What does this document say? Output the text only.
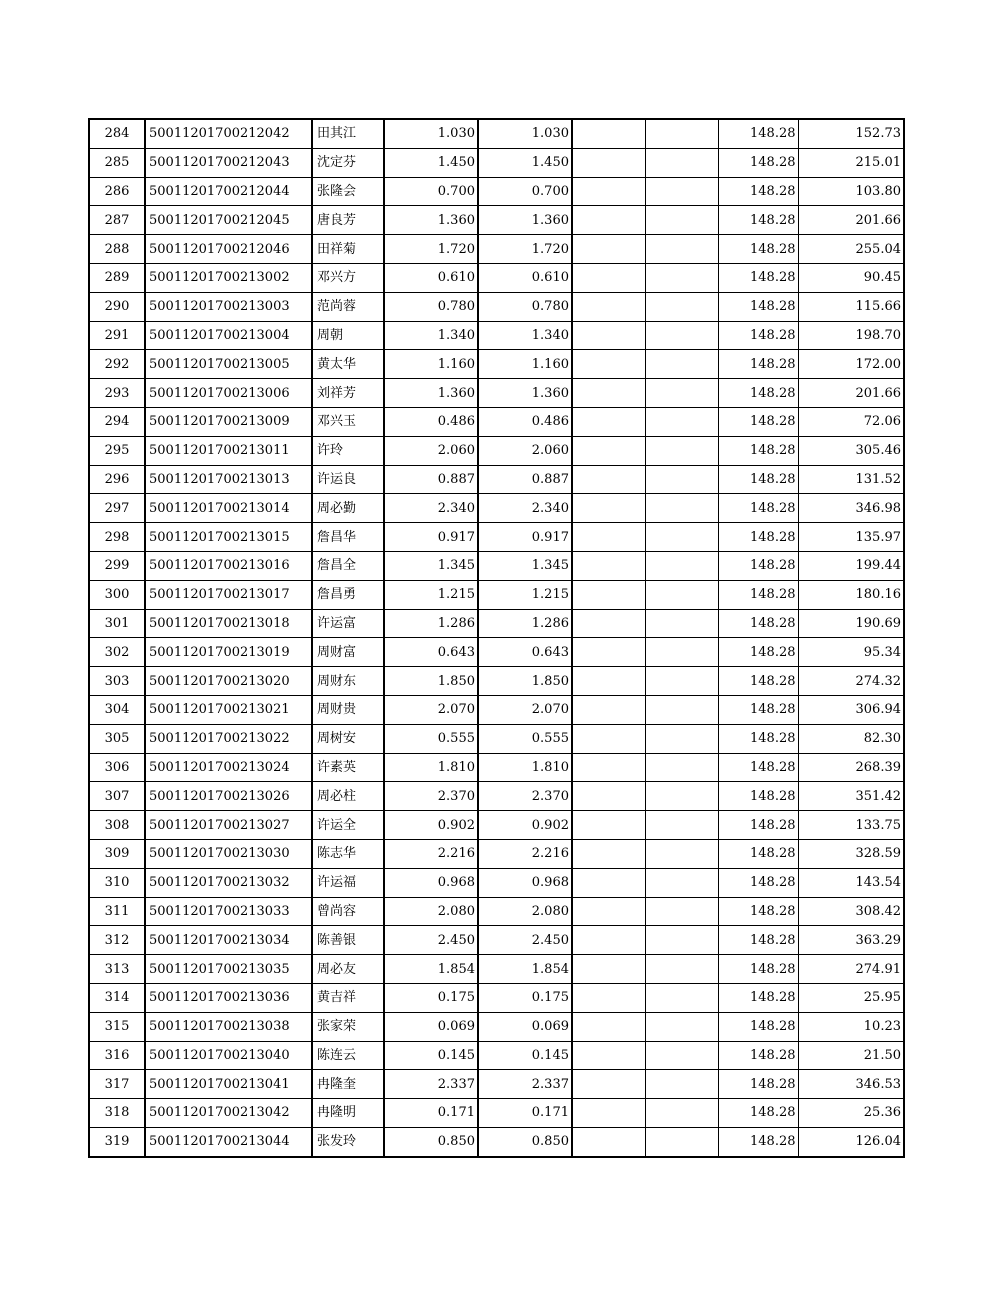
284	50011201700212042	田其江	1.030	1.030			148.28	152.73
285	50011201700212043	沈定芬	1.450	1.450			148.28	215.01
286	50011201700212044	张隆会	0.700	0.700			148.28	103.80
287	50011201700212045	唐良芳	1.360	1.360			148.28	201.66
288	50011201700212046	田祥菊	1.720	1.720			148.28	255.04
289	50011201700213002	邓兴方	0.610	0.610			148.28	90.45
290	50011201700213003	范尚蓉	0.780	0.780			148.28	115.66
291	50011201700213004	周朝	1.340	1.340			148.28	198.70
292	50011201700213005	黄太华	1.160	1.160			148.28	172.00
293	50011201700213006	刘祥芳	1.360	1.360			148.28	201.66
294	50011201700213009	邓兴玉	0.486	0.486			148.28	72.06
295	50011201700213011	许玲	2.060	2.060			148.28	305.46
296	50011201700213013	许运良	0.887	0.887			148.28	131.52
297	50011201700213014	周必勤	2.340	2.340			148.28	346.98
298	50011201700213015	詹昌华	0.917	0.917			148.28	135.97
299	50011201700213016	詹昌全	1.345	1.345			148.28	199.44
300	50011201700213017	詹昌勇	1.215	1.215			148.28	180.16
301	50011201700213018	许运富	1.286	1.286			148.28	190.69
302	50011201700213019	周财富	0.643	0.643			148.28	95.34
303	50011201700213020	周财东	1.850	1.850			148.28	274.32
304	50011201700213021	周财贵	2.070	2.070			148.28	306.94
305	50011201700213022	周树安	0.555	0.555			148.28	82.30
306	50011201700213024	许素英	1.810	1.810			148.28	268.39
307	50011201700213026	周必柱	2.370	2.370			148.28	351.42
308	50011201700213027	许运全	0.902	0.902			148.28	133.75
309	50011201700213030	陈志华	2.216	2.216			148.28	328.59
310	50011201700213032	许运福	0.968	0.968			148.28	143.54
311	50011201700213033	曾尚容	2.080	2.080			148.28	308.42
312	50011201700213034	陈善银	2.450	2.450			148.28	363.29
313	50011201700213035	周必友	1.854	1.854			148.28	274.91
314	50011201700213036	黄吉祥	0.175	0.175			148.28	25.95
315	50011201700213038	张家荣	0.069	0.069			148.28	10.23
316	50011201700213040	陈连云	0.145	0.145			148.28	21.50
317	50011201700213041	冉隆奎	2.337	2.337			148.28	346.53
318	50011201700213042	冉隆明	0.171	0.171			148.28	25.36
319	50011201700213044	张发玲	0.850	0.850			148.28	126.04
